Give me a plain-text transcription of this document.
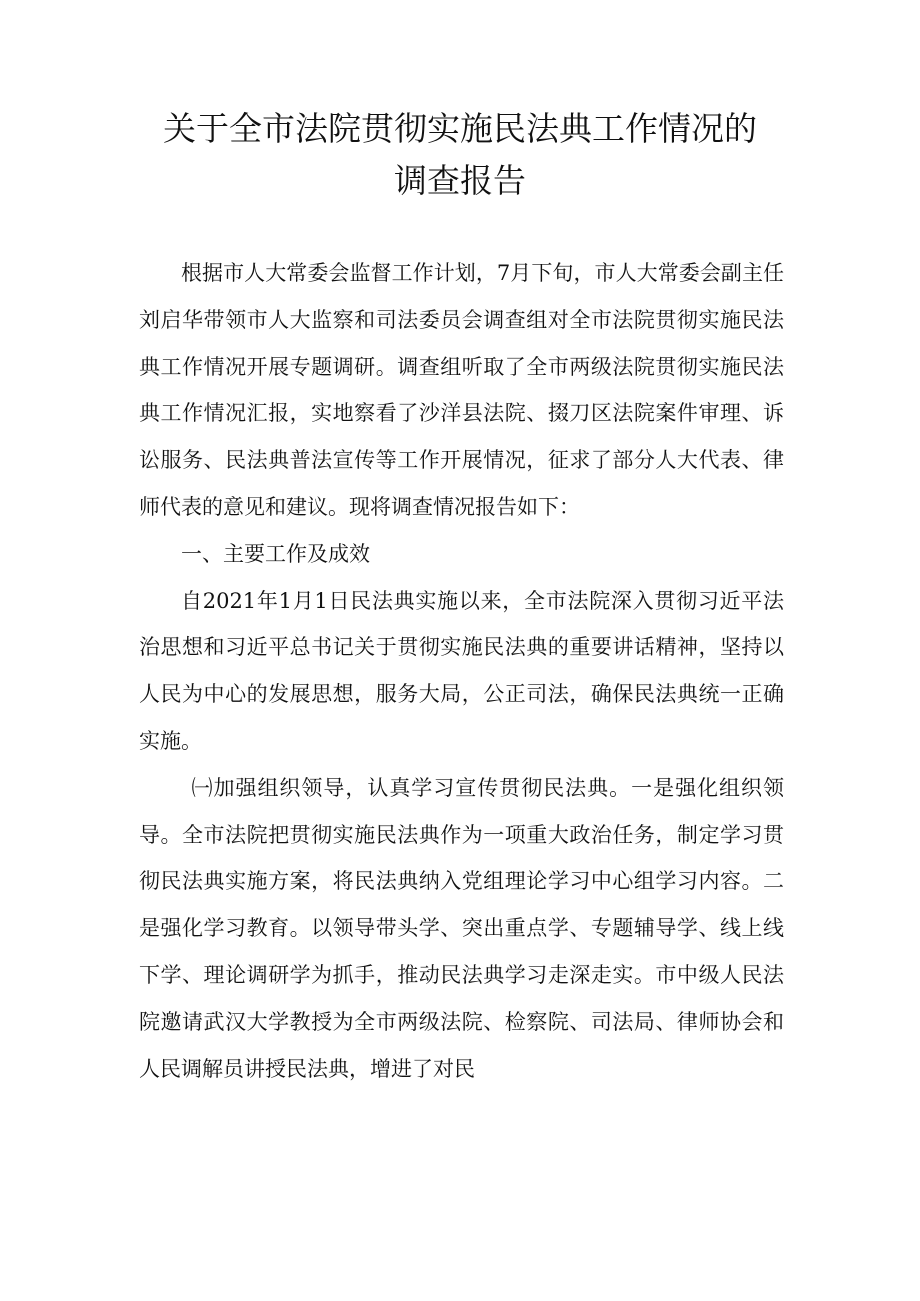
关于全市法院贯彻实施民法典工作情况的
调查报告

根据市人大常委会监督工作计划，7月下旬，市人大常委会副主任刘启华带领市人大监察和司法委员会调查组对全市法院贯彻实施民法典工作情况开展专题调研。调查组听取了全市两级法院贯彻实施民法典工作情况汇报，实地察看了沙洋县法院、掇刀区法院案件审理、诉讼服务、民法典普法宣传等工作开展情况，征求了部分人大代表、律师代表的意见和建议。现将调查情况报告如下：

一、主要工作及成效

自2021年1月1日民法典实施以来，全市法院深入贯彻习近平法治思想和习近平总书记关于贯彻实施民法典的重要讲话精神，坚持以人民为中心的发展思想，服务大局，公正司法，确保民法典统一正确实施。

㈠加强组织领导，认真学习宣传贯彻民法典。一是强化组织领导。全市法院把贯彻实施民法典作为一项重大政治任务，制定学习贯彻民法典实施方案，将民法典纳入党组理论学习中心组学习内容。二是强化学习教育。以领导带头学、突出重点学、专题辅导学、线上线下学、理论调研学为抓手，推动民法典学习走深走实。市中级人民法院邀请武汉大学教授为全市两级法院、检察院、司法局、律师协会和人民调解员讲授民法典，增进了对民
